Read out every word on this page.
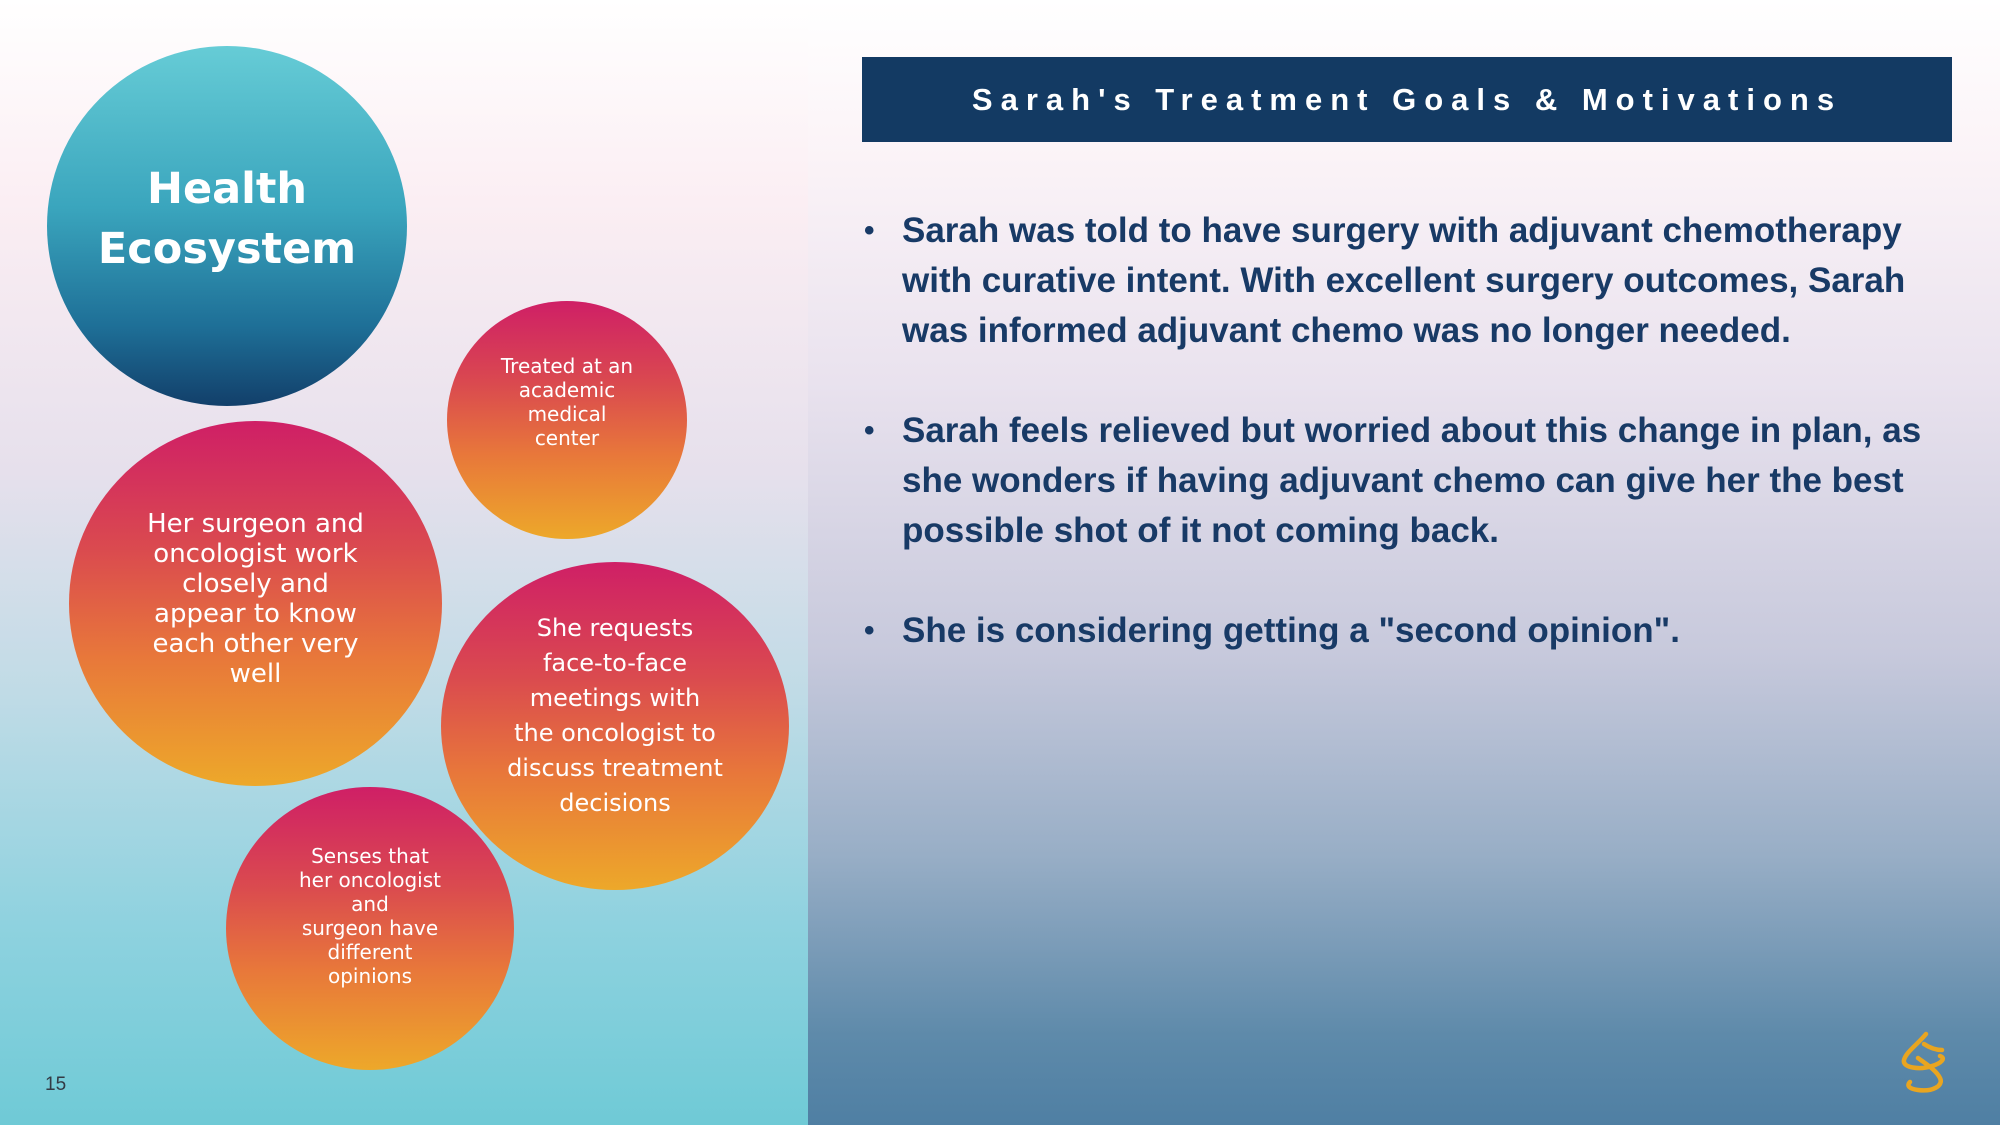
Health
Ecosystem
Treated at an
academic
medical
center
Her surgeon and
oncologist work
closely and
appear to know
each other very
well
She requests
face-to-face
meetings with
the oncologist to
discuss treatment
decisions
Senses that
her oncologist
and
surgeon have
different
opinions
15
Sarah's Treatment Goals & Motivations
• Sarah was told to have surgery with adjuvant chemotherapy with curative intent. With excellent surgery outcomes, Sarah was informed adjuvant chemo was no longer needed.
• Sarah feels relieved but worried about this change in plan, as she wonders if having adjuvant chemo can give her the best possible shot of it not coming back.
• She is considering getting a "second opinion".
